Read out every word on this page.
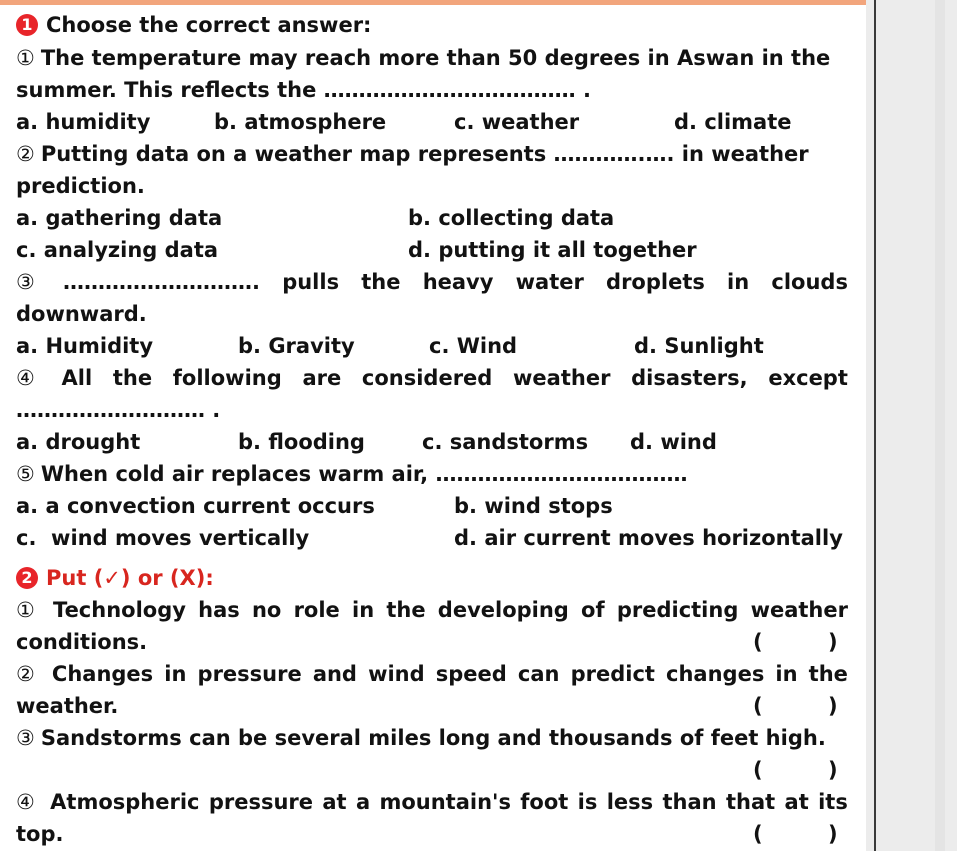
1 Choose the correct answer:
① The temperature may reach more than 50 degrees in Aswan in the
summer. This reflects the ……………………………… .
a. humidity	b. atmosphere	c. weather	d. climate
② Putting data on a weather map represents ………….…. in weather
prediction.
a. gathering data	b. collecting data
c. analyzing data	d. putting it all together
③ ………………………. pulls the heavy water droplets in clouds
downward.
a. Humidity	b. Gravity	c. Wind	d. Sunlight
④ All the following are considered weather disasters, except
……………………… .
a. drought	b. flooding	c. sandstorms d. wind
⑤ When cold air replaces warm air, ………………………………
a. a convection current occurs	b. wind stops
c.  wind moves vertically	d. air current moves horizontally
2 Put (✓) or (X):
① Technology has no role in the developing of predicting weather
conditions.	(	)
② Changes in pressure and wind speed can predict changes in the
weather.	(	)
③ Sandstorms can be several miles long and thousands of feet high.
(	)
④ Atmospheric pressure at a mountain's foot is less than that at its
top.	(	)
